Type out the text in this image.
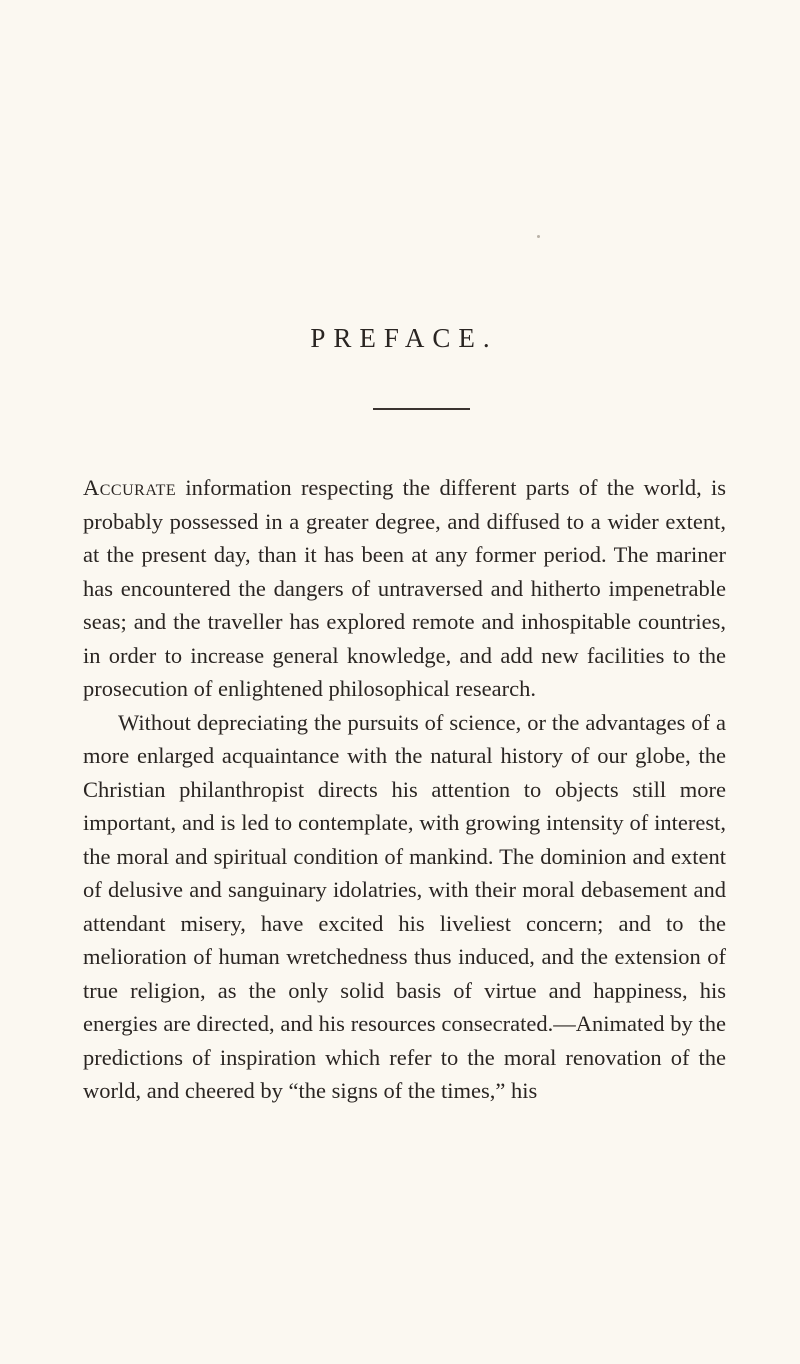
PREFACE.

Accurate information respecting the different parts of the world, is probably possessed in a greater degree, and diffused to a wider extent, at the present day, than it has been at any former period. The mariner has encountered the dangers of untraversed and hitherto impenetrable seas; and the traveller has explored remote and inhospitable countries, in order to increase general knowledge, and add new facilities to the prosecution of enlightened philosophical research.

Without depreciating the pursuits of science, or the advantages of a more enlarged acquaintance with the natural history of our globe, the Christian philanthropist directs his attention to objects still more important, and is led to contemplate, with growing intensity of interest, the moral and spiritual condition of mankind. The dominion and extent of delusive and sanguinary idolatries, with their moral debasement and attendant misery, have excited his liveliest concern; and to the melioration of human wretchedness thus induced, and the extension of true religion, as the only solid basis of virtue and happiness, his energies are directed, and his resources consecrated.—Animated by the predictions of inspiration which refer to the moral renovation of the world, and cheered by “the signs of the times,” his
